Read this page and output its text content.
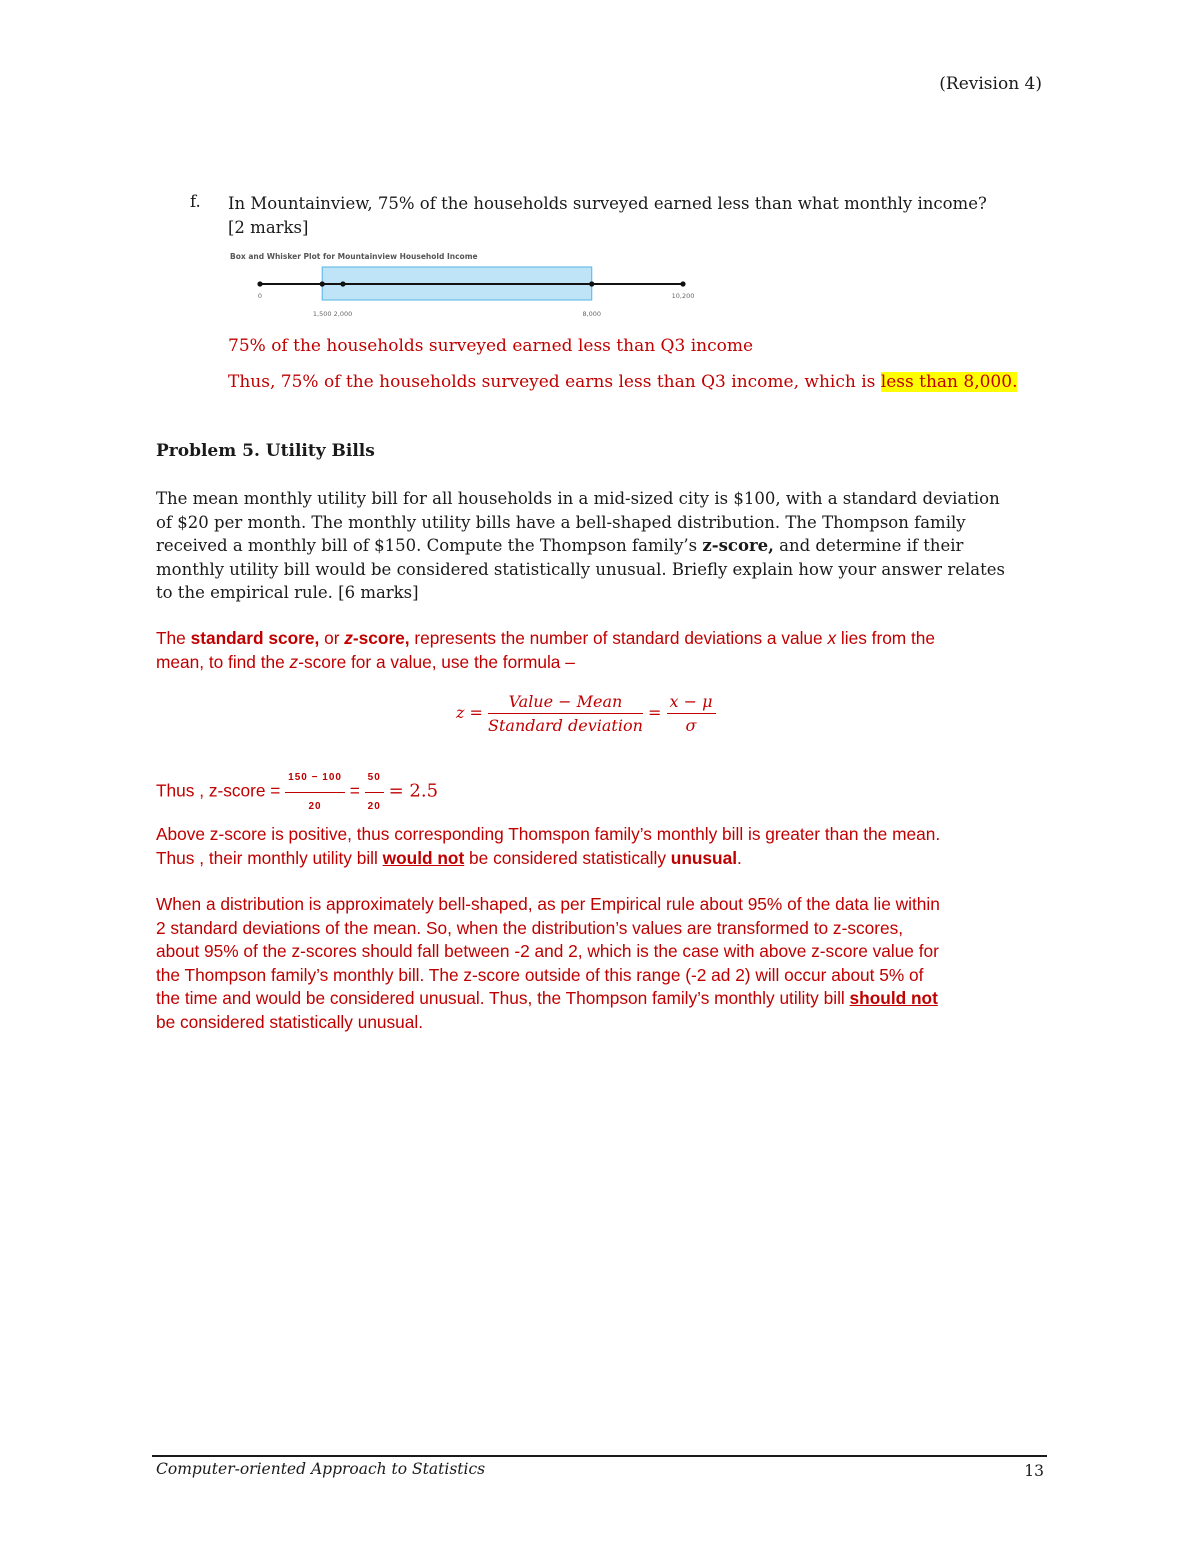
(Revision 4)
f. In Mountainview, 75% of the households surveyed earned less than what monthly income?
[2 marks]
Box and Whisker Plot for Mountainview Household Income
0
1,500 2,000	8,000
10,200
75% of the households surveyed earned less than Q3 income
Thus, 75% of the households surveyed earns less than Q3 income, which is less than 8,000.
Problem 5. Utility Bills

The mean monthly utility bill for all households in a mid-sized city is $100, with a standard deviation

of $20 per month. The monthly utility bills have a bell-shaped distribution. The Thompson family

received a monthly bill of $150. Compute the Thompson family’s z-score, and determine if their

monthly utility bill would be considered statistically unusual. Briefly explain how your answer relates

to the empirical rule. [6 marks]

The standard score, or z-score, represents the number of standard deviations a value x lies from the
mean, to find the z-score for a value, use the formula –
$z = \frac{\text{Value − Mean}}{\text{Standard deviation}} = \frac{x - \mu}{\sigma}$
Thus , z-score = $\frac{150 - 100}{20} = \frac{50}{20} = 2.5$
Above z-score is positive, thus corresponding Thomspon family’s monthly bill is greater than the mean.
Thus , their monthly utility bill would not be considered statistically unusual.
When a distribution is approximately bell-shaped, as per Empirical rule about 95% of the data lie within
2 standard deviations of the mean. So, when the distribution’s values are transformed to z-scores,
about 95% of the z-scores should fall between -2 and 2, which is the case with above z-score value for
the Thompson family’s monthly bill. The z-score outside of this range (-2 ad 2) will occur about 5% of
the time and would be considered unusual. Thus, the Thompson family’s monthly utility bill should not
be considered statistically unusual.
Computer-oriented Approach to Statistics	13
